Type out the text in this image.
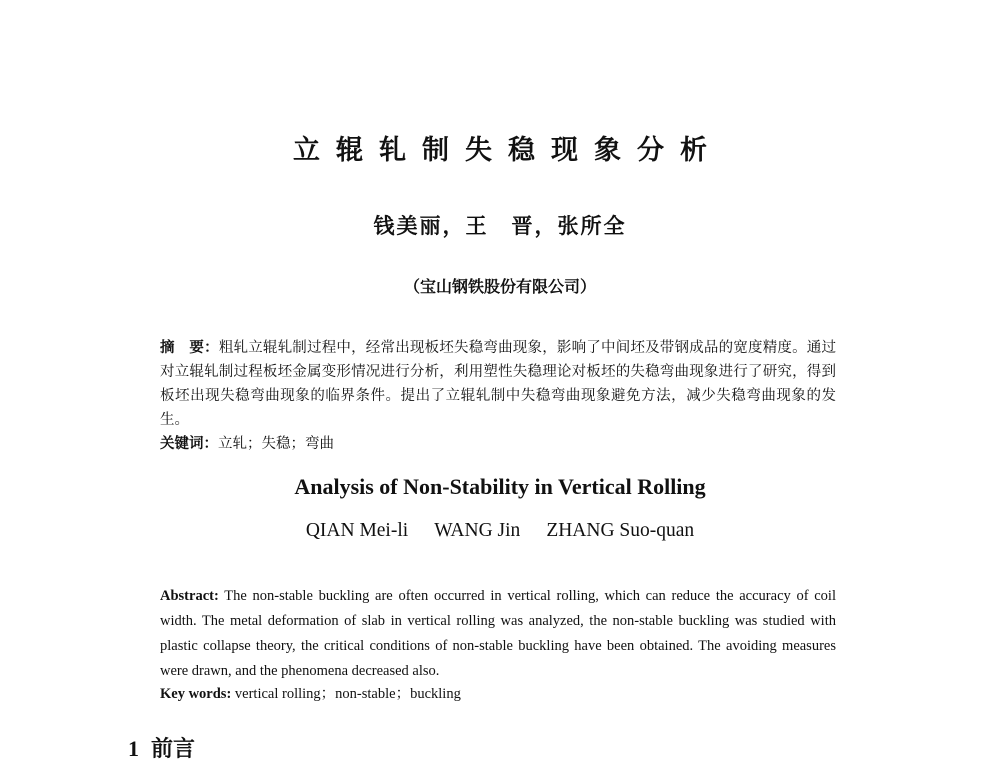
立辊轧制失稳现象分析
钱美丽，王　晋，张所全
（宝山钢铁股份有限公司）
摘　要：粗轧立辊轧制过程中，经常出现板坯失稳弯曲现象，影响了中间坯及带钢成品的宽度精度。通过对立辊轧制过程板坯金属变形情况进行分析，利用塑性失稳理论对板坯的失稳弯曲现象进行了研究，得到板坯出现失稳弯曲现象的临界条件。提出了立辊轧制中失稳弯曲现象避免方法，减少失稳弯曲现象的发生。
关键词：立轧；失稳；弯曲
Analysis of Non-Stability in Vertical Rolling
QIAN Mei-li WANG Jin ZHANG Suo-quan
Abstract: The non-stable buckling are often occurred in vertical rolling, which can reduce the accuracy of coil width. The metal deformation of slab in vertical rolling was analyzed, the non-stable buckling was studied with plastic collapse theory, the critical conditions of non-stable buckling have been obtained. The avoiding measures were drawn, and the phenomena decreased also.
Key words: vertical rolling；non-stable；buckling
1 前言
